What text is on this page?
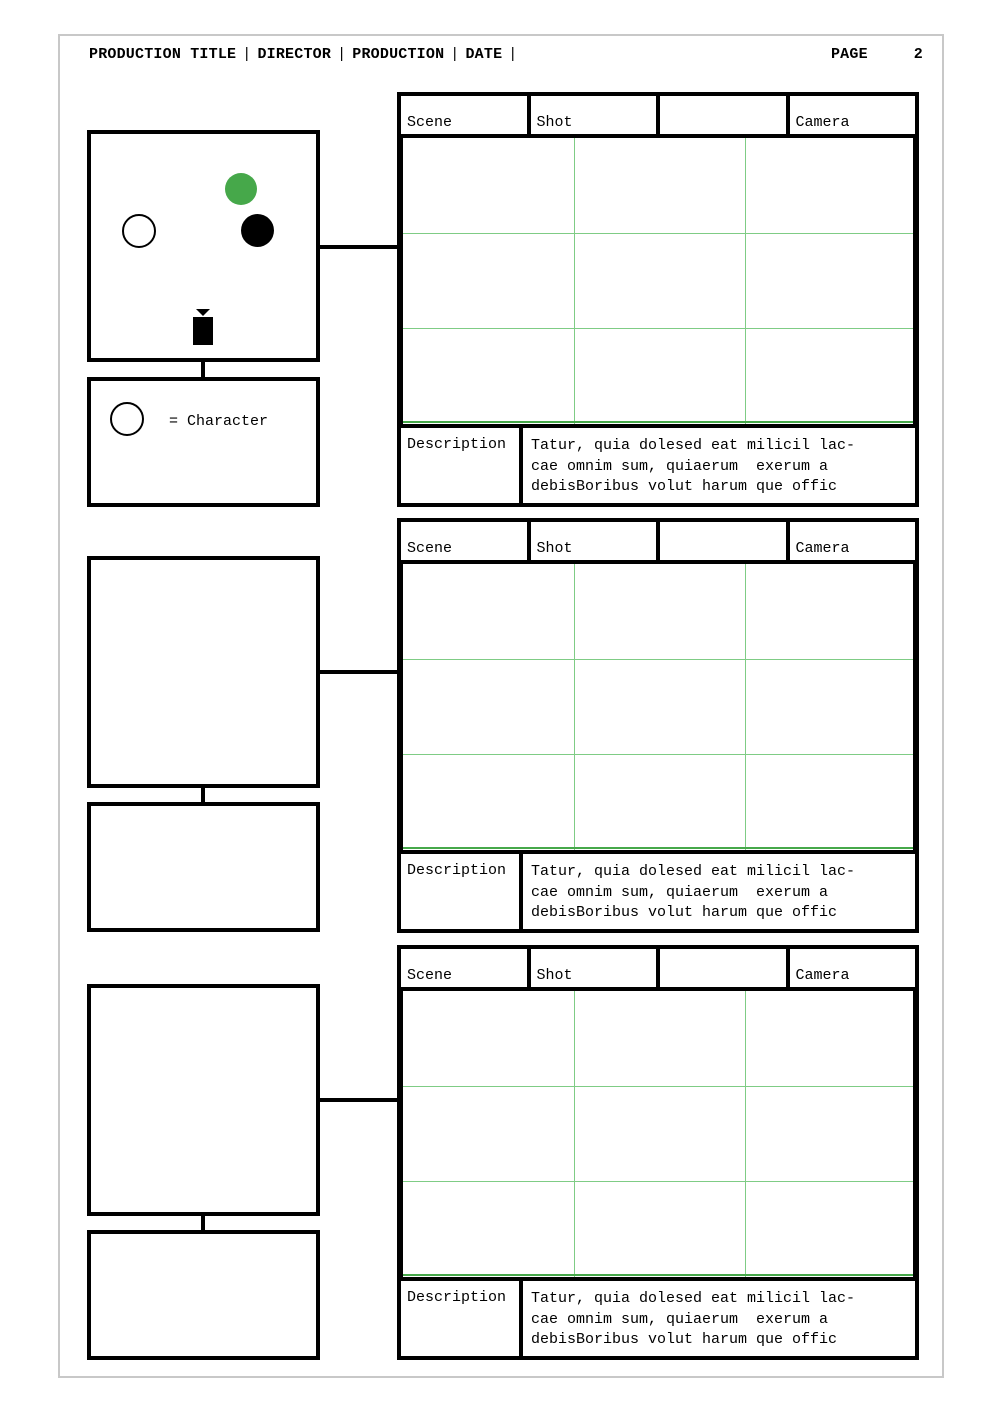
PRODUCTION TITLE | DIRECTOR | PRODUCTION | DATE |	PAGE	2
= Character
Scene	Shot	Camera
Description Tatur, quia dolesed eat milicil lac-
cae omnim sum, quiaerum  exerum a
debisBoribus volut harum que offic
Scene	Shot	Camera
Description Tatur, quia dolesed eat milicil lac-
cae omnim sum, quiaerum  exerum a
debisBoribus volut harum que offic
Scene	Shot	Camera
Description Tatur, quia dolesed eat milicil lac-
cae omnim sum, quiaerum  exerum a
debisBoribus volut harum que offic
